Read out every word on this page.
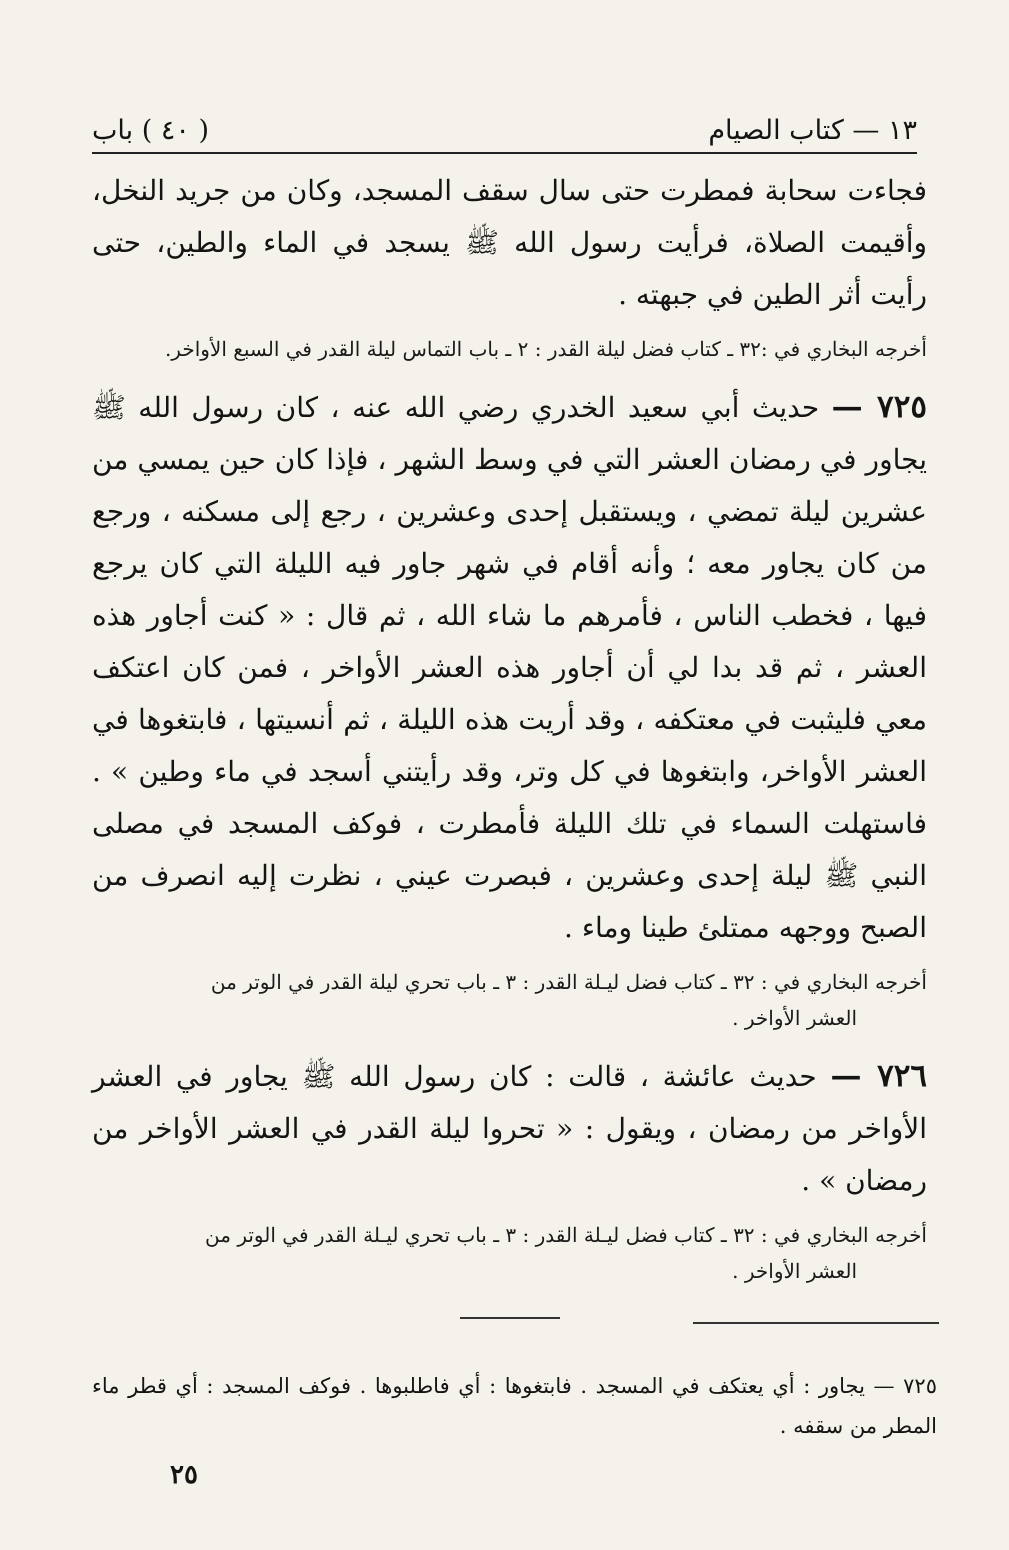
( ٤٠ ) باب	١٣ — كتاب الصيام

فجاءت سحابة فمطرت حتى سال سقف المسجد، وكان من جريد النخل، وأقيمت الصلاة، فرأيت رسول الله ﷺ يسجد في الماء والطين، حتى رأيت أثر الطين في جبهته .

أخرجه البخاري في :٣٢ ـ كتاب فضل ليلة القدر : ٢ ـ باب التماس ليلة القدر في السبع الأواخر.

٧٢٥ — حديث أبي سعيد الخدري رضي الله عنه ، كان رسول الله ﷺ يجاور في رمضان العشر التي في وسط الشهر ، فإذا كان حين يمسي من عشرين ليلة تمضي ، ويستقبل إحدى وعشرين ، رجع إلى مسكنه ، ورجع من كان يجاور معه ؛ وأنه أقام في شهر جاور فيه الليلة التي كان يرجع فيها ، فخطب الناس ، فأمرهم ما شاء الله ، ثم قال : « كنت أجاور هذه العشر ، ثم قد بدا لي أن أجاور هذه العشر الأواخر ، فمن كان اعتكف معي فليثبت في معتكفه ، وقد أريت هذه الليلة ، ثم أنسيتها ، فابتغوها في العشر الأواخر، وابتغوها في كل وتر، وقد رأيتني أسجد في ماء وطين » . فاستهلت السماء في تلك الليلة فأمطرت ، فوكف المسجد في مصلى النبي ﷺ ليلة إحدى وعشرين ، فبصرت عيني ، نظرت إليه انصرف من الصبح ووجهه ممتلئ طينا وماء .

أخرجه البخاري في : ٣٢ ـ كتاب فضل ليـلة القدر : ٣ ـ باب تحري ليلة القدر في الوتر من
العشر الأواخر .

٧٢٦ — حديث عائشة ، قالت : كان رسول الله ﷺ يجاور في العشر الأواخر من رمضان ، ويقول : « تحروا ليلة القدر في العشر الأواخر من رمضان » .

أخرجه البخاري في : ٣٢ ـ كتاب فضل ليـلة القدر : ٣ ـ باب تحري ليـلة القدر في الوتر من
العشر الأواخر .

٧٢٥ — يجاور : أي يعتكف في المسجد . فابتغوها : أي فاطلبوها . فوكف المسجد : أي قطر ماء المطر من سقفه .

٢٥
